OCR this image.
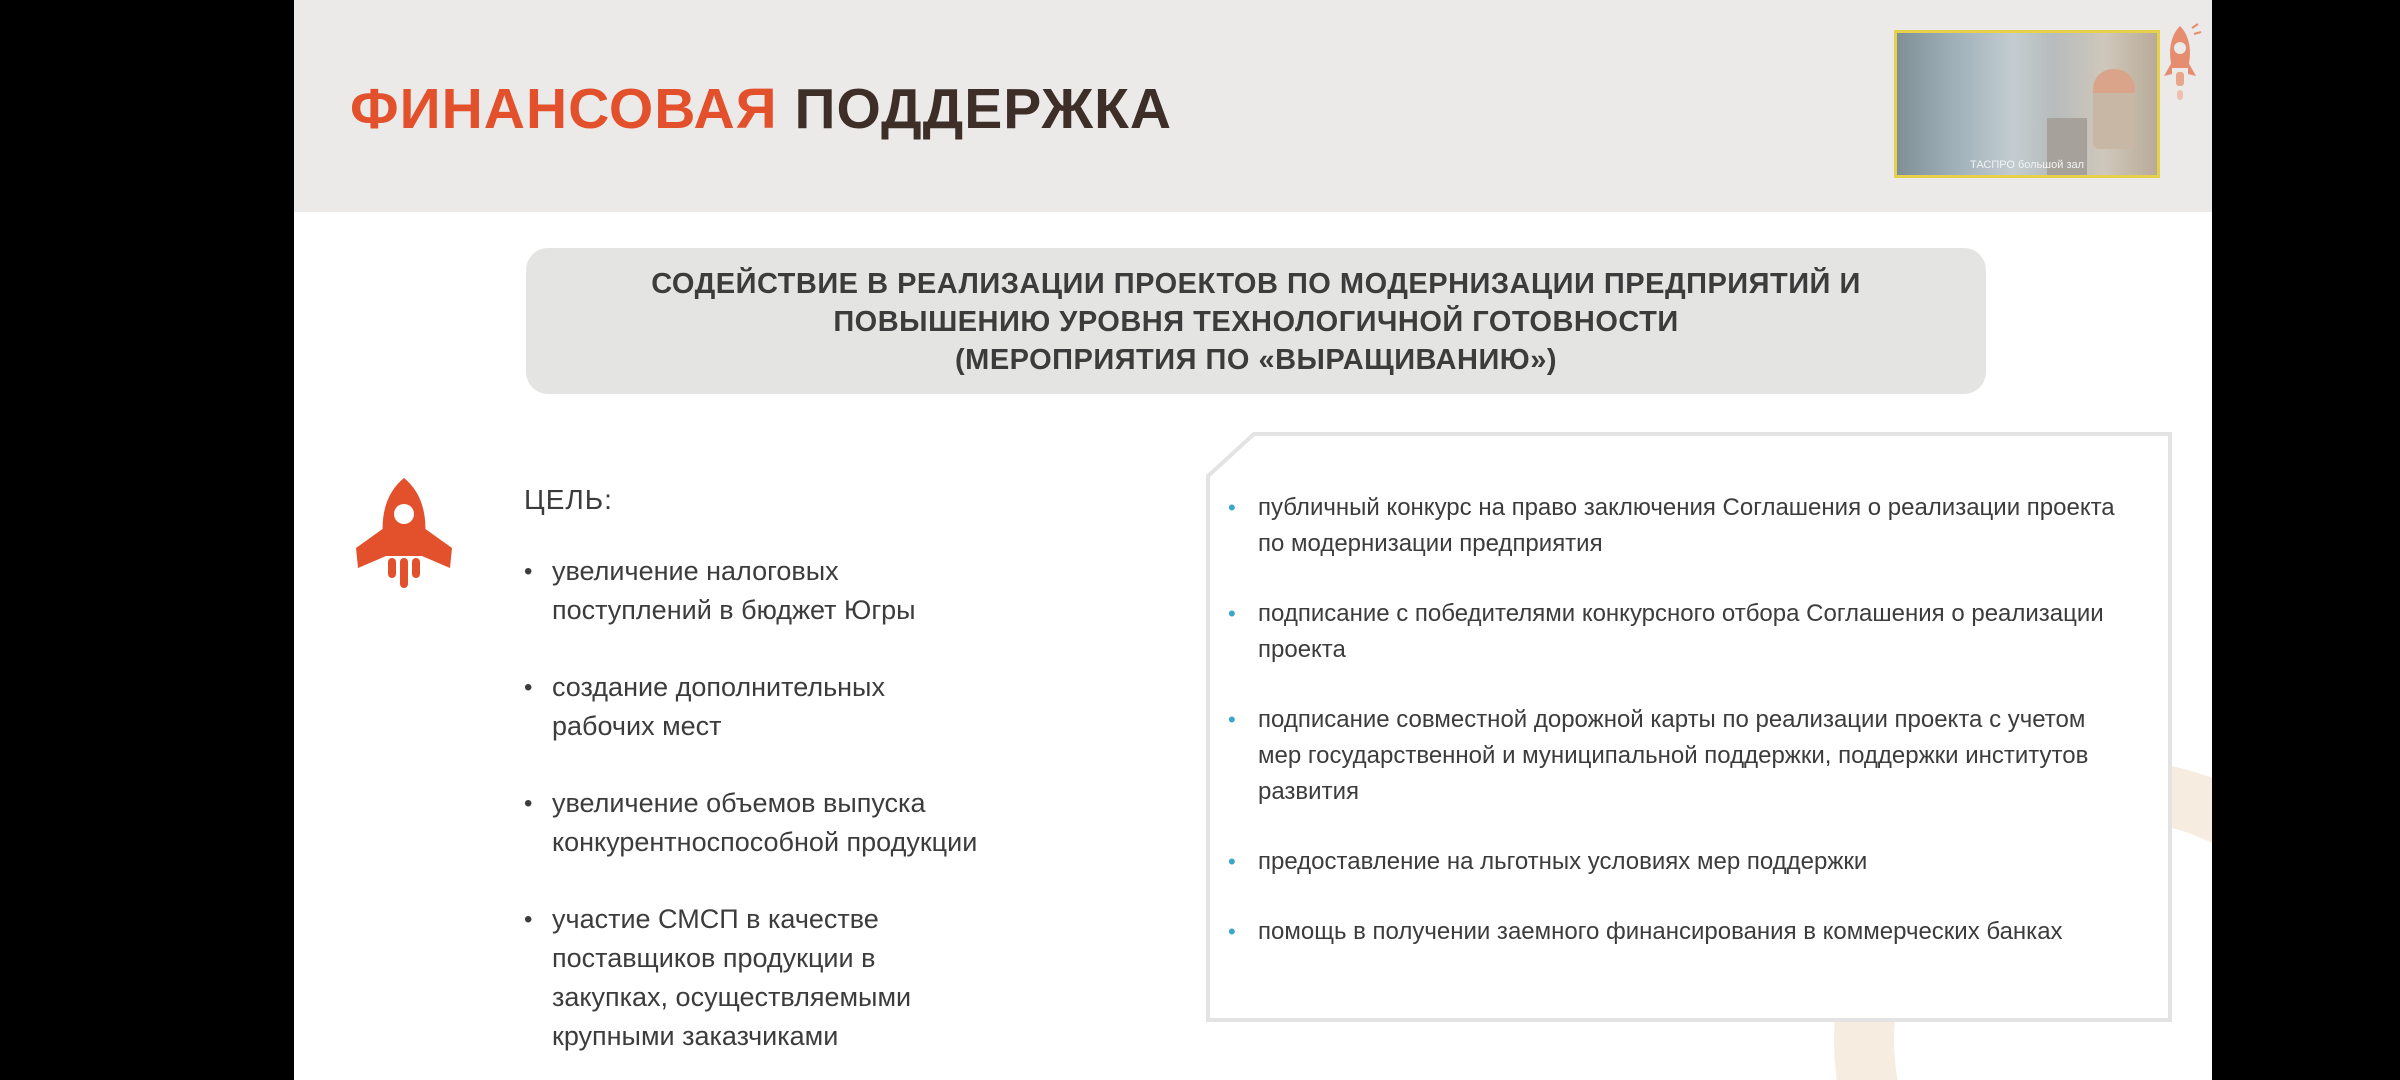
ФИНАНСОВАЯ ПОДДЕРЖКА
ТАСПРО большой зал

СОДЕЙСТВИЕ В РЕАЛИЗАЦИИ ПРОЕКТОВ ПО МОДЕРНИЗАЦИИ ПРЕДПРИЯТИЙ И

ПОВЫШЕНИЮ УРОВНЯ ТЕХНОЛОГИЧНОЙ ГОТОВНОСТИ

(МЕРОПРИЯТИЯ ПО «ВЫРАЩИВАНИЮ»)

ЦЕЛЬ:
• увеличение налоговых поступлений в бюджет Югры
• создание дополнительных рабочих мест
• увеличение объемов выпуска конкурентноспособной продукции
• участие СМСП в качестве поставщиков продукции в закупках, осуществляемыми крупными заказчиками
• публичный конкурс на право заключения Соглашения о реализации проекта по модернизации предприятия
• подписание с победителями конкурсного отбора Соглашения о реализации проекта
• подписание совместной дорожной карты по реализации проекта с учетом мер государственной и муниципальной поддержки, поддержки институтов развития
• предоставление на льготных условиях мер поддержки
• помощь в получении заемного финансирования в коммерческих банках
